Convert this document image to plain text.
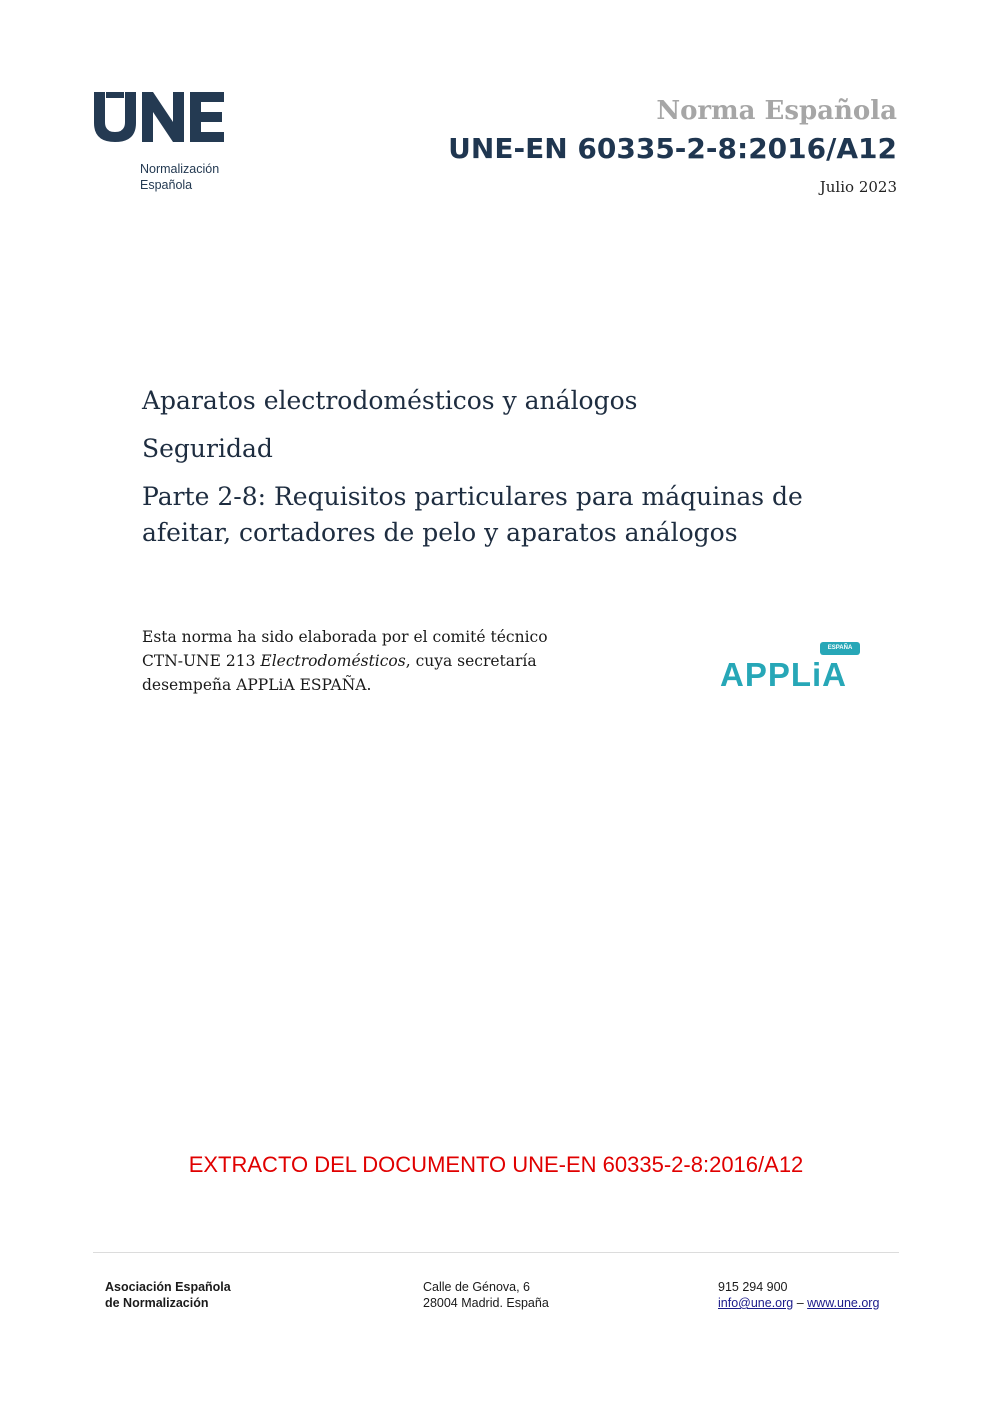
Normalización
Española
Norma Española
UNE-EN 60335-2-8:2016/A12
Julio 2023
Aparatos electrodomésticos y análogos
Seguridad
Parte 2-8: Requisitos particulares para máquinas de
afeitar, cortadores de pelo y aparatos análogos
Esta norma ha sido elaborada por el comité técnico
CTN-UNE 213 Electrodomésticos, cuya secretaría
desempeña APPLiA ESPAÑA.
ESPAÑA
APPLiA
EXTRACTO DEL DOCUMENTO UNE-EN 60335-2-8:2016/A12
Asociación Española
de Normalización
Calle de Génova, 6
28004 Madrid. España
915 294 900
info@une.org – www.une.org
